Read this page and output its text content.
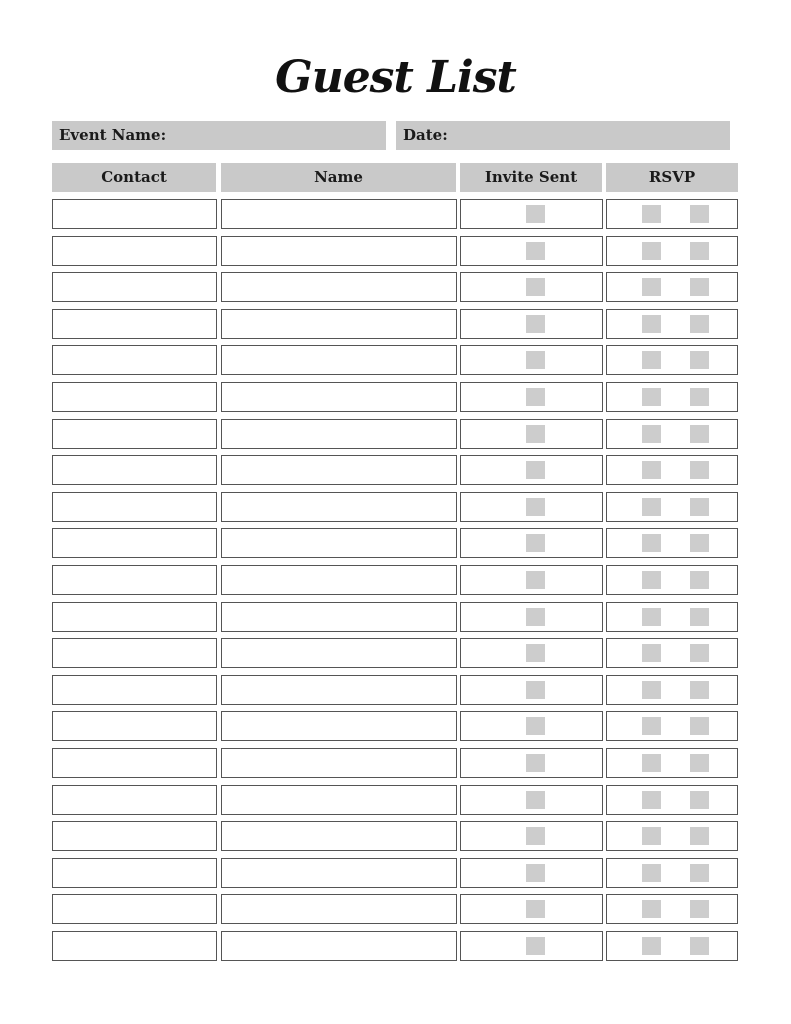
Guest List
Event Name:	Date:
Contact	Name	Invite Sent	RSVP
